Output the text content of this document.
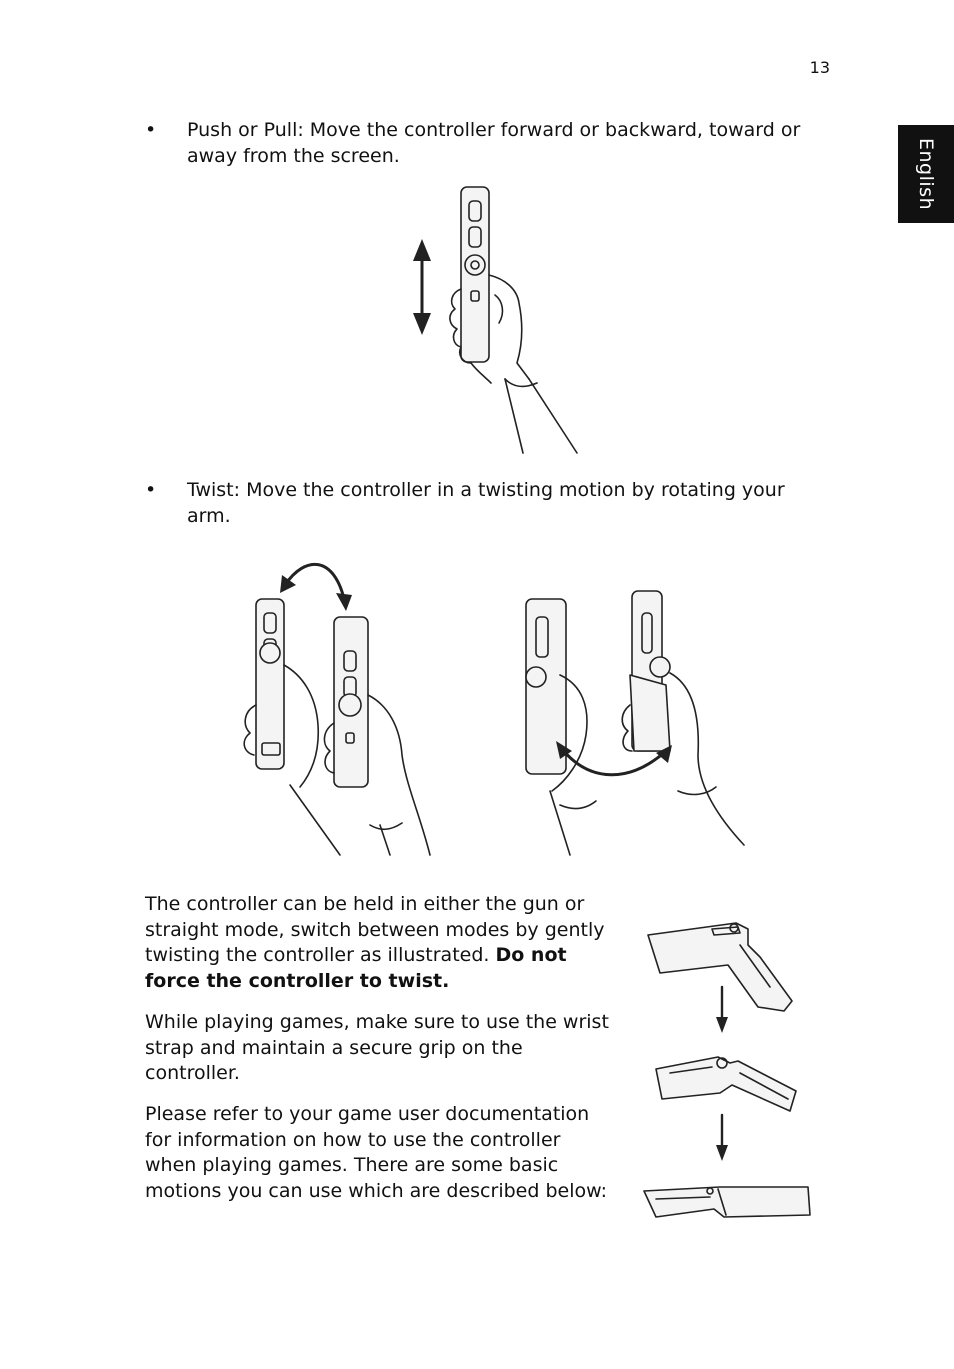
13
English
• Push or Pull: Move the controller forward or backward, toward or away from the screen.
• Twist: Move the controller in a twisting motion by rotating your arm.

The controller can be held in either the gun or straight mode, switch between modes by gently twisting the controller as illustrated. Do not force the controller to twist.

While playing games, make sure to use the wrist strap and maintain a secure grip on the controller.

Please refer to your game user documentation for information on how to use the controller when playing games. There are some basic motions you can use which are described below:
